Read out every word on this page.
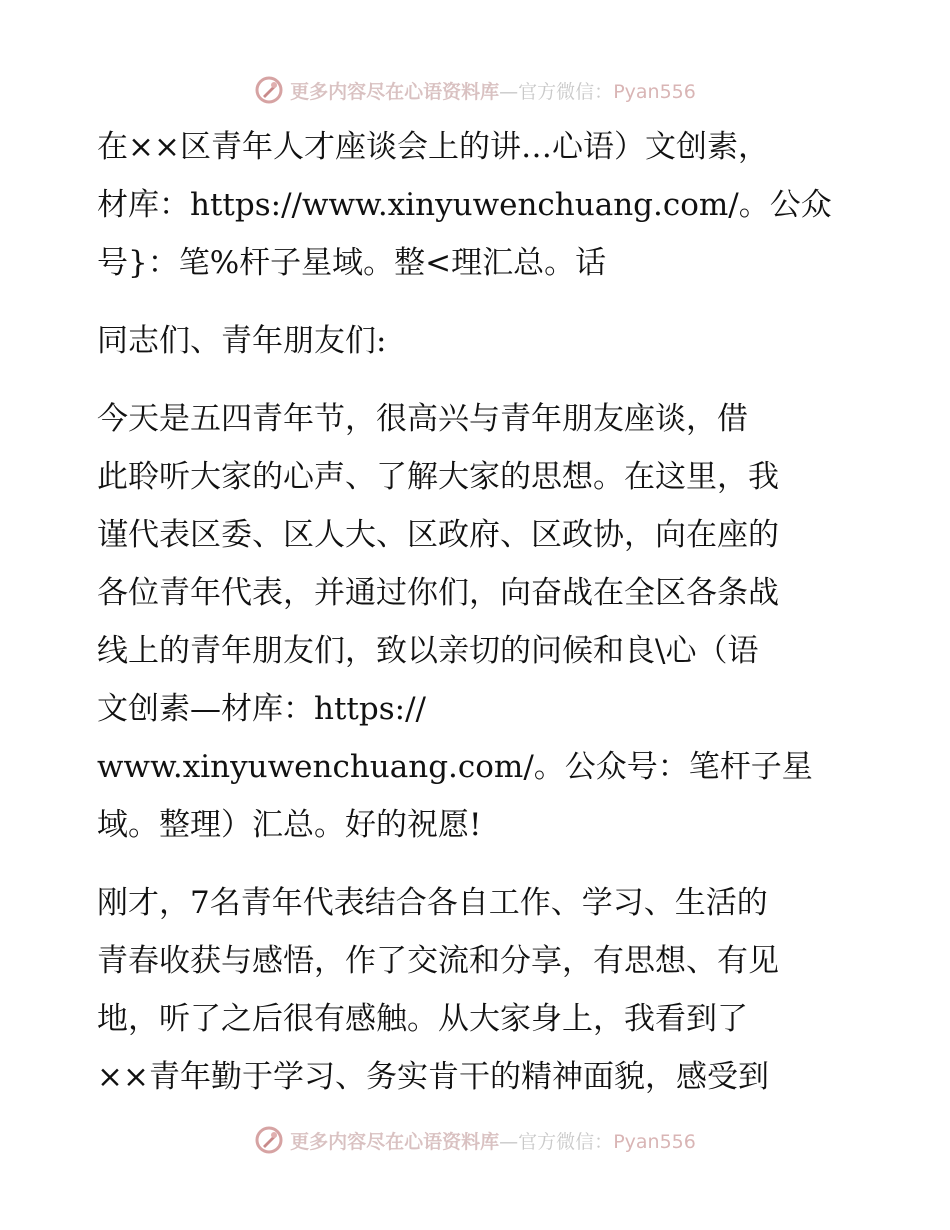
更多内容尽在心语资料库—官方微信：Pyan556

在××区青年人才座谈会上的讲…心语）文创素，
材库：https://www.xinyuwenchuang.com/。公众
号}：笔%杆子星域。整<理汇总。话

同志们、青年朋友们:

今天是五四青年节，很高兴与青年朋友座谈，借
此聆听大家的心声、了解大家的思想。在这里，我
谨代表区委、区人大、区政府、区政协，向在座的
各位青年代表，并通过你们，向奋战在全区各条战
线上的青年朋友们，致以亲切的问候和良\心（语
文创素—材库：https://
www.xinyuwenchuang.com/。公众号：笔杆子星
域。整理）汇总。好的祝愿!

刚才，7名青年代表结合各自工作、学习、生活的
青春收获与感悟，作了交流和分享，有思想、有见
地，听了之后很有感触。从大家身上，我看到了
××青年勤于学习、务实肯干的精神面貌，感受到

更多内容尽在心语资料库—官方微信：Pyan556
